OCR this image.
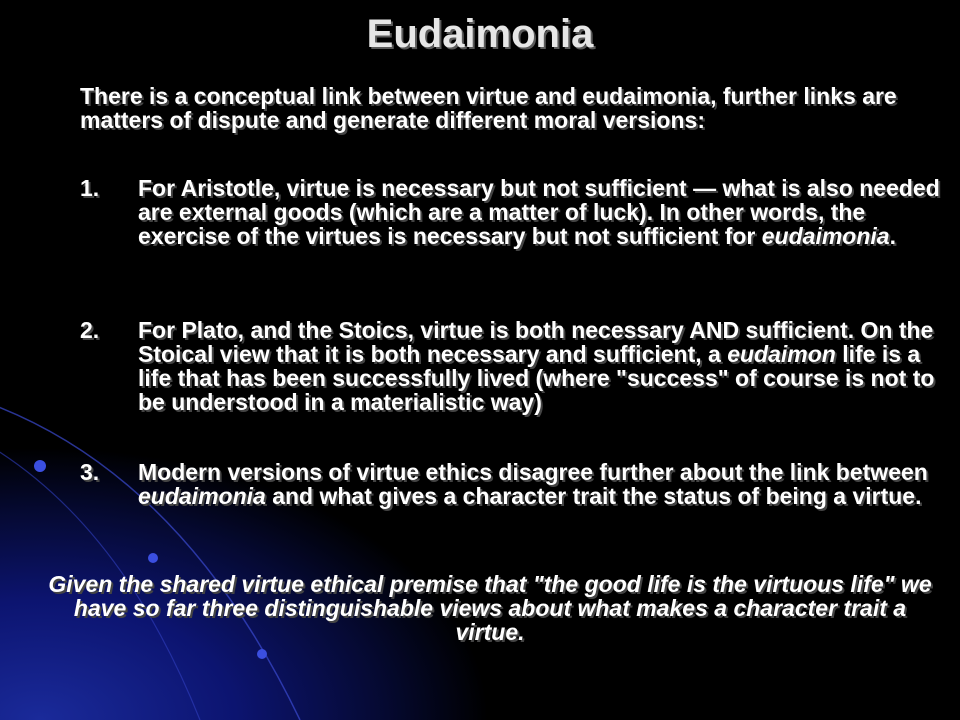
Eudaimonia

There is a conceptual link between virtue and eudaimonia, further links are matters of dispute and generate different moral versions:

1.	For Aristotle, virtue is necessary but not sufficient — what is also needed are external goods (which are a matter of luck). In other words, the exercise of the virtues is necessary but not sufficient for eudaimonia.
2.	For Plato, and the Stoics, virtue is both necessary AND sufficient. On the Stoical view that it is both necessary and sufficient, a eudaimon life is a life that has been successfully lived (where "success" of course is not to be understood in a materialistic way)
3.	Modern versions of virtue ethics disagree further about the link between eudaimonia and what gives a character trait the status of being a virtue.

Given the shared virtue ethical premise that "the good life is the virtuous life" we have so far three distinguishable views about what makes a character trait a virtue.
